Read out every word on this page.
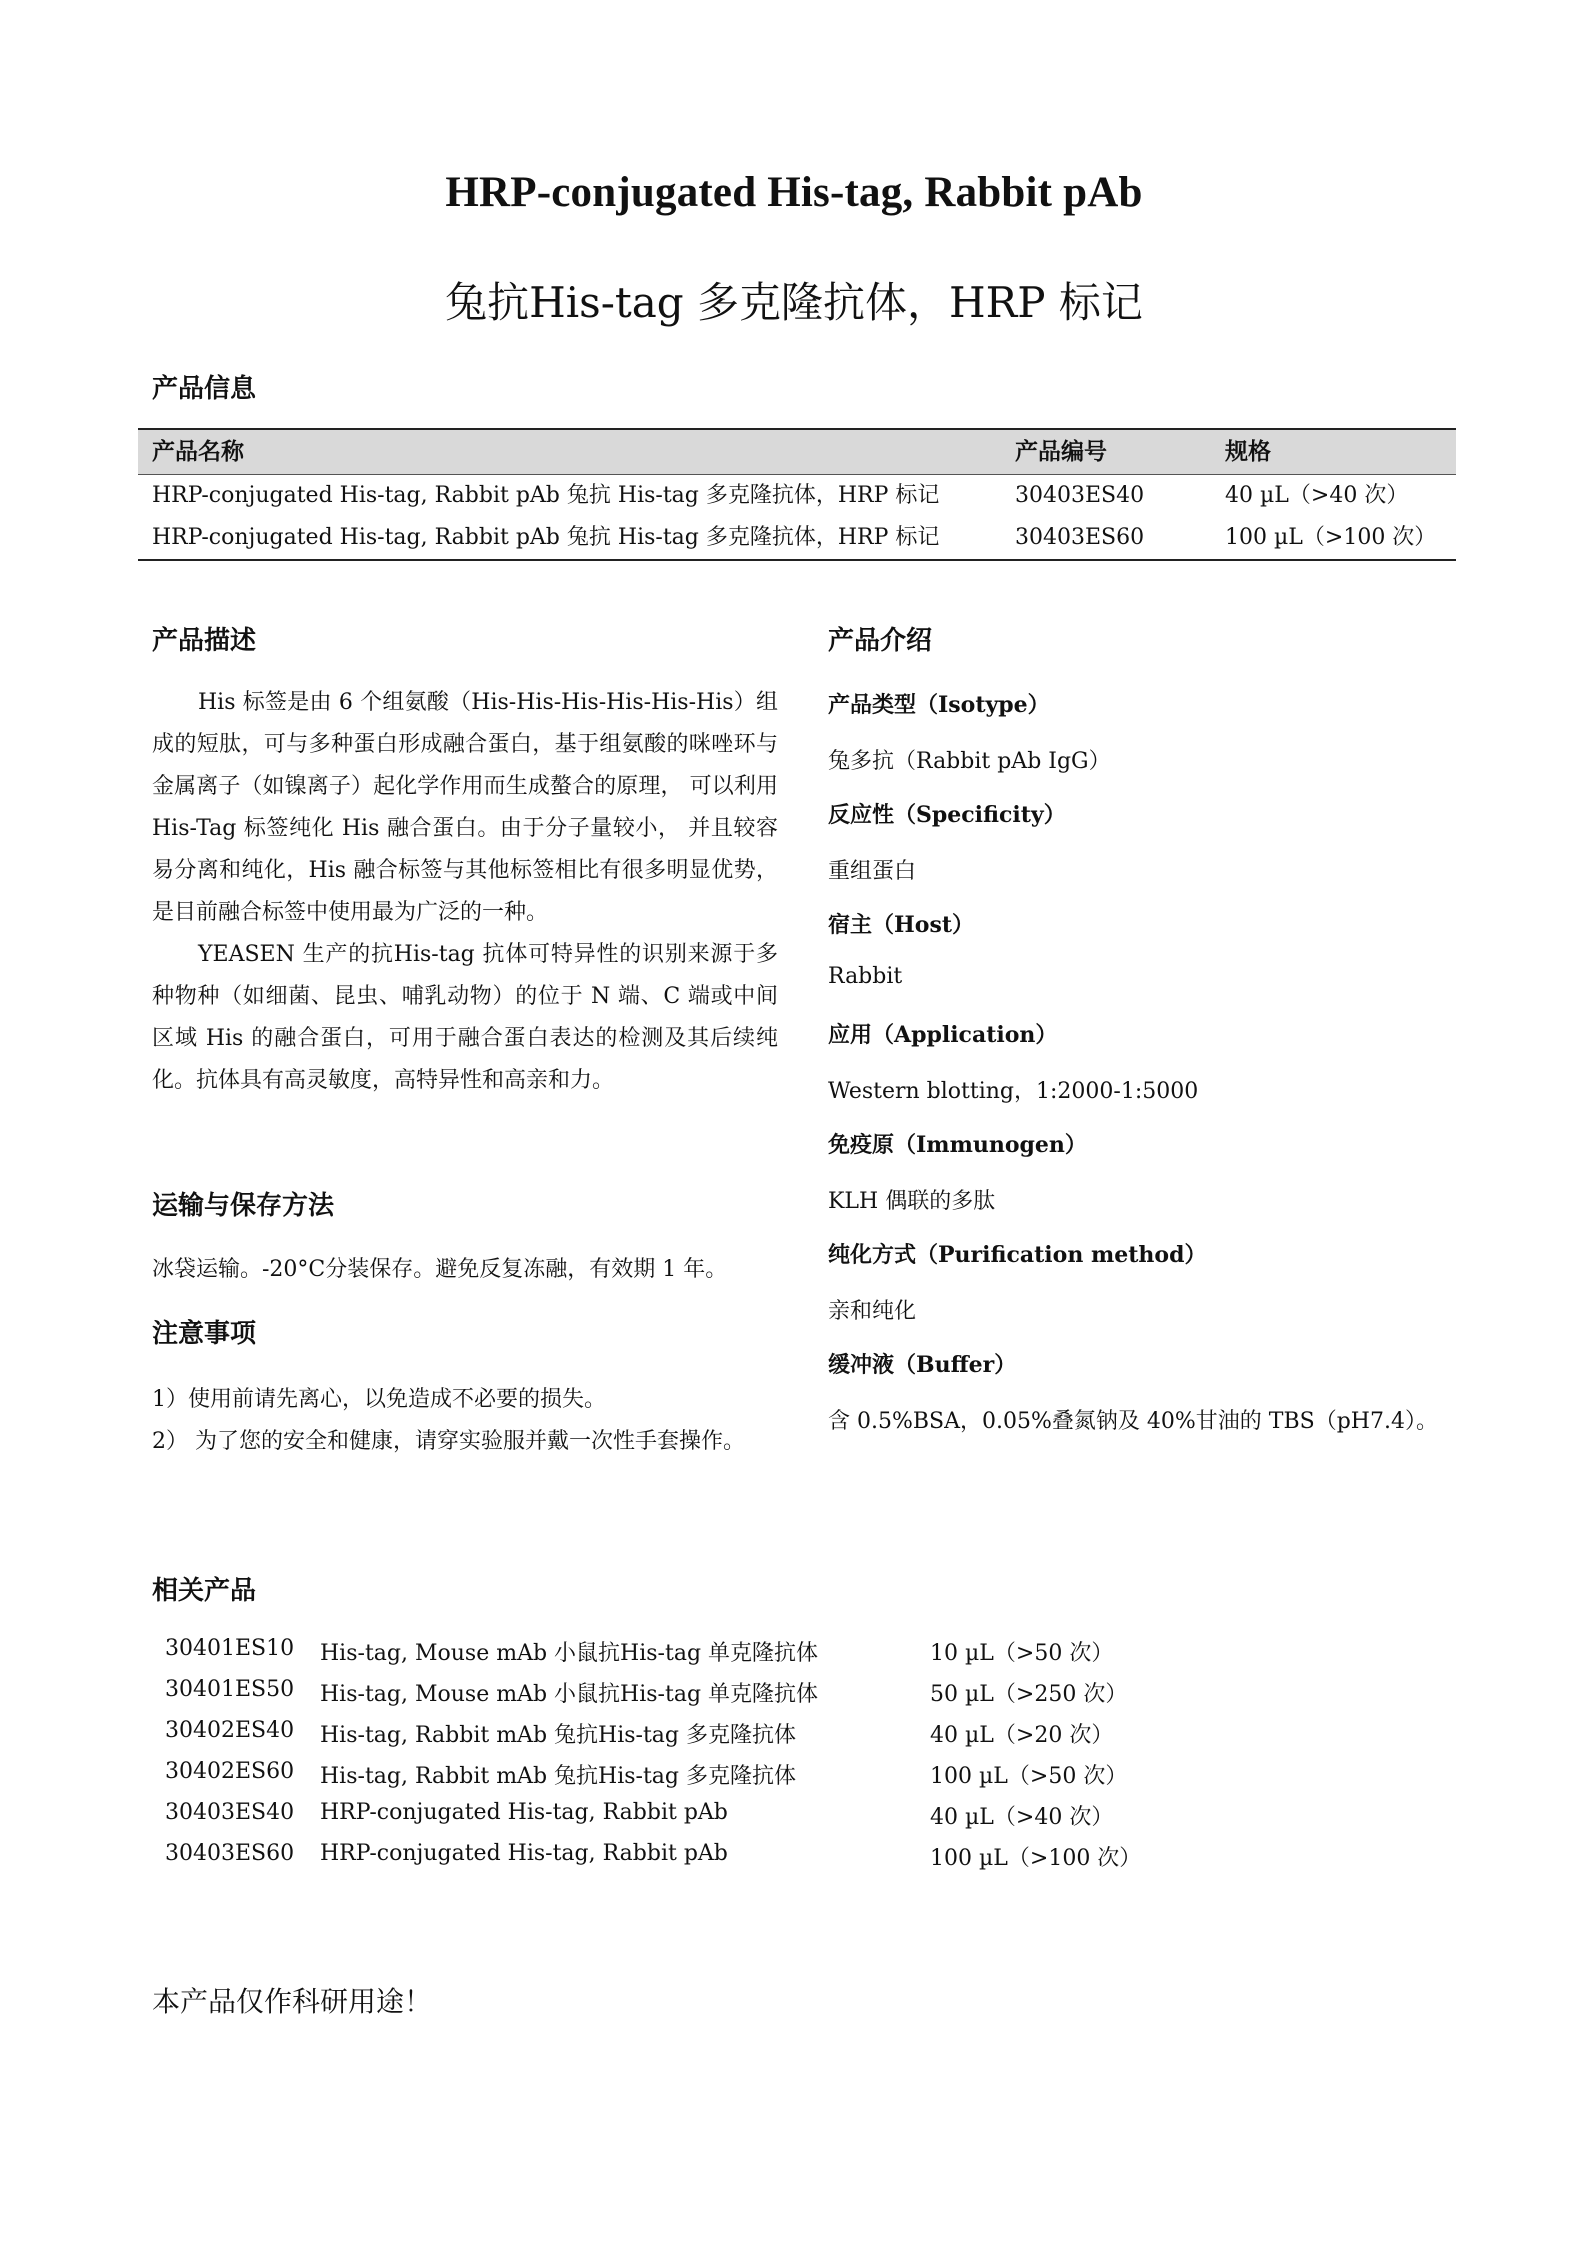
HRP-conjugated His-tag, Rabbit pAb
兔抗His-tag 多克隆抗体，HRP 标记
产品信息
产品名称	产品编号	规格
HRP-conjugated His-tag, Rabbit pAb 兔抗 His-tag 多克隆抗体，HRP 标记	30403ES40	40 µL（>40 次）
HRP-conjugated His-tag, Rabbit pAb 兔抗 His-tag 多克隆抗体，HRP 标记	30403ES60	100 µL（>100 次）
产品描述

His 标签是由 6 个组氨酸（His-His-His-His-His-His）组成的短肽，可与多种蛋白形成融合蛋白，基于组氨酸的咪唑环与金属离子（如镍离子）起化学作用而生成螯合的原理， 可以利用 His-Tag 标签纯化 His 融合蛋白。由于分子量较小， 并且较容易分离和纯化，His 融合标签与其他标签相比有很多明显优势，是目前融合标签中使用最为广泛的一种。

YEASEN 生产的抗His-tag 抗体可特异性的识别来源于多种物种（如细菌、昆虫、哺乳动物）的位于 N 端、C 端或中间区域 His 的融合蛋白，可用于融合蛋白表达的检测及其后续纯化。抗体具有高灵敏度，高特异性和高亲和力。

运输与保存方法
冰袋运输。-20°C分装保存。避免反复冻融，有效期 1 年。
注意事项
1）使用前请先离心，以免造成不必要的损失。
2） 为了您的安全和健康，请穿实验服并戴一次性手套操作。
产品介绍
产品类型（Isotype）
兔多抗（Rabbit pAb IgG）
反应性（Specificity）
重组蛋白
宿主（Host）
Rabbit
应用（Application）
Western blotting，1:2000-1:5000
免疫原（Immunogen）
KLH 偶联的多肽
纯化方式（Purification method）
亲和纯化
缓冲液（Buffer）
含 0.5%BSA，0.05%叠氮钠及 40%甘油的 TBS（pH7.4）。
相关产品
30401ES10 His-tag, Mouse mAb 小鼠抗His-tag 单克隆抗体	10 µL（>50 次）
30401ES50 His-tag, Mouse mAb 小鼠抗His-tag 单克隆抗体	50 µL（>250 次）
30402ES40 His-tag, Rabbit mAb 兔抗His-tag 多克隆抗体	40 µL（>20 次）
30402ES60 His-tag, Rabbit mAb 兔抗His-tag 多克隆抗体	100 µL（>50 次）
30403ES40 HRP-conjugated His-tag, Rabbit pAb	40 µL（>40 次）
30403ES60 HRP-conjugated His-tag, Rabbit pAb	100 µL（>100 次）
本产品仅作科研用途！
